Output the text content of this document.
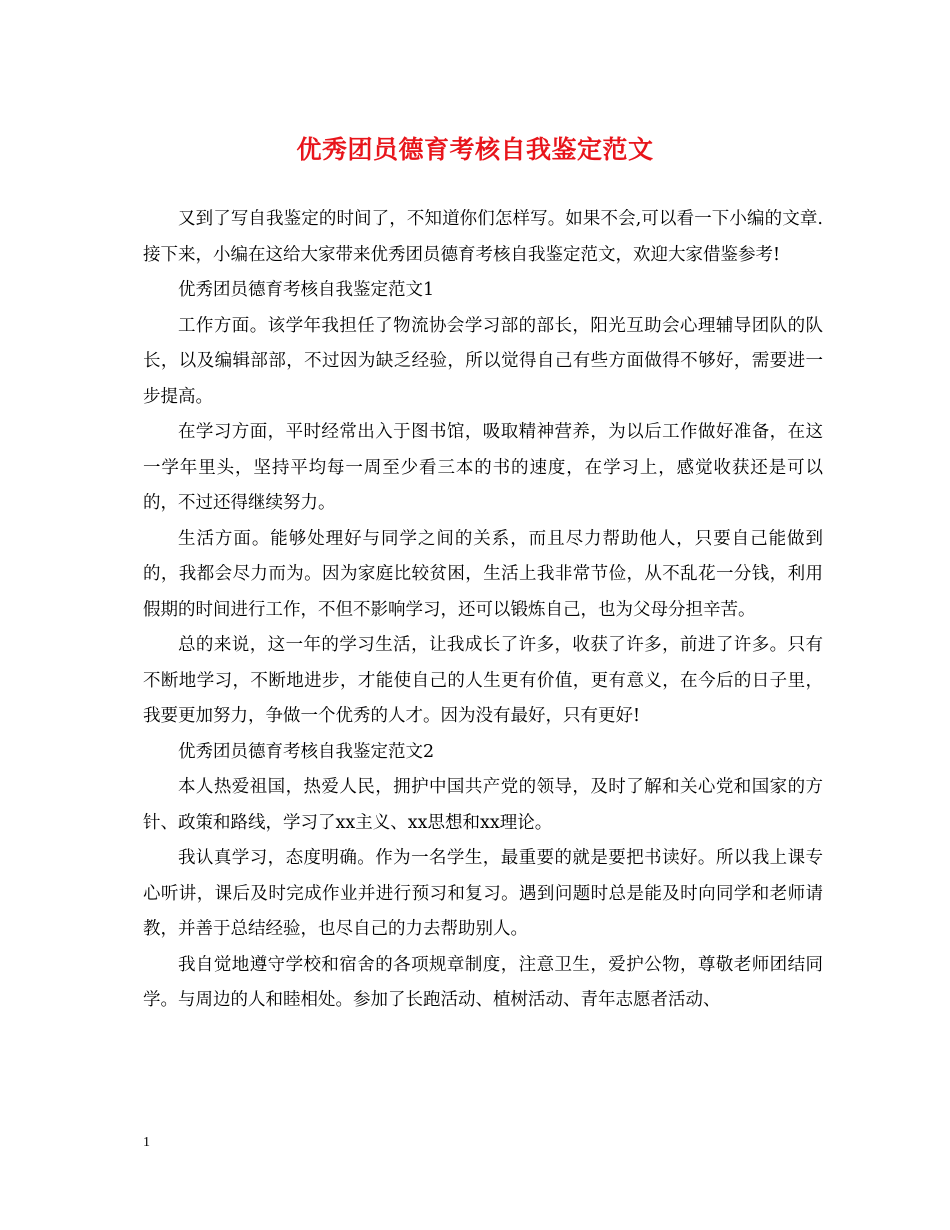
优秀团员德育考核自我鉴定范文

又到了写自我鉴定的时间了，不知道你们怎样写。如果不会,可以看一下小编的文章.接下来，小编在这给大家带来优秀团员德育考核自我鉴定范文，欢迎大家借鉴参考!

优秀团员德育考核自我鉴定范文1

工作方面。该学年我担任了物流协会学习部的部长，阳光互助会心理辅导团队的队长，以及编辑部部，不过因为缺乏经验，所以觉得自己有些方面做得不够好，需要进一步提高。

在学习方面，平时经常出入于图书馆，吸取精神营养，为以后工作做好准备，在这一学年里头，坚持平均每一周至少看三本的书的速度，在学习上，感觉收获还是可以的，不过还得继续努力。

生活方面。能够处理好与同学之间的关系，而且尽力帮助他人，只要自己能做到的，我都会尽力而为。因为家庭比较贫困，生活上我非常节俭，从不乱花一分钱，利用假期的时间进行工作，不但不影响学习，还可以锻炼自己，也为父母分担辛苦。

总的来说，这一年的学习生活，让我成长了许多，收获了许多，前进了许多。只有不断地学习，不断地进步，才能使自己的人生更有价值，更有意义，在今后的日子里，我要更加努力，争做一个优秀的人才。因为没有最好，只有更好!

优秀团员德育考核自我鉴定范文2

本人热爱祖国，热爱人民，拥护中国共产党的领导，及时了解和关心党和国家的方针、政策和路线，学习了xx主义、xx思想和xx理论。

我认真学习，态度明确。作为一名学生，最重要的就是要把书读好。所以我上课专心听讲，课后及时完成作业并进行预习和复习。遇到问题时总是能及时向同学和老师请教，并善于总结经验，也尽自己的力去帮助别人。

我自觉地遵守学校和宿舍的各项规章制度，注意卫生，爱护公物，尊敬老师团结同学。与周边的人和睦相处。参加了长跑活动、植树活动、青年志愿者活动、

1
